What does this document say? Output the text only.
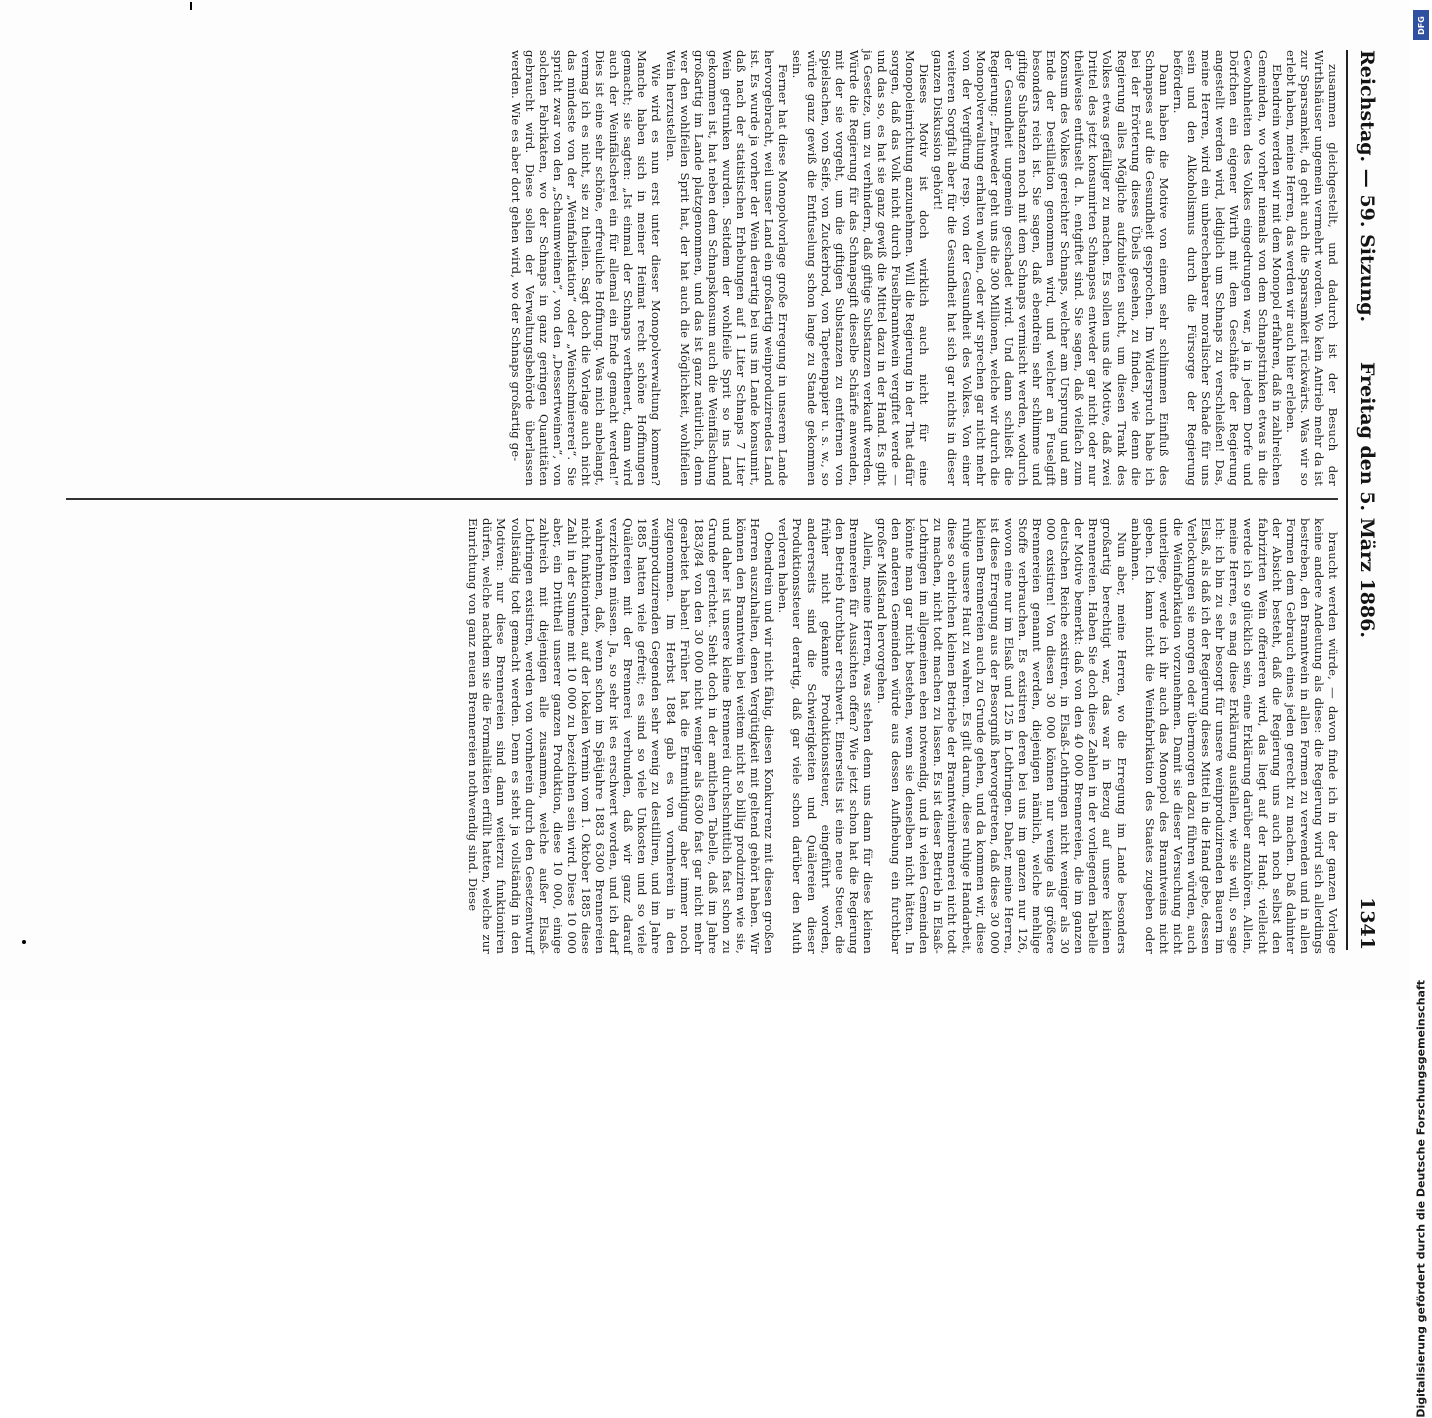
Reichstag. — 59. Sitzung.
Freitag den 5. März 1886.
1341

zusammen gleichgestellt, und dadurch ist der Besuch der Wirthshäuser ungemein vermehrt worden. Wo kein Antrieb mehr da ist zur Sparsamkeit, da geht auch die Sparsamkeit rückwärts. Was wir so erlebt haben, meine Herren, das werden wir auch hier erleben.

Ebendrein werden wir mit dem Monopol erfahren, daß in zahlreichen Gemeinden, wo vorher niemals von dem Schnapstrinken etwas in die Gewohnheiten des Volkes eingedrungen war, ja in jedem Dorfe und Dörfchen ein eigener Wirth mit dem Geschäfte der Regierung angestellt werden wird, lediglich um Schnaps zu verschleißen! Das, meine Herren, wird ein unberechenbarer moralischer Schade für uns sein und den Alkoholismus durch die Fürsorge der Regierung befördern.

Dann haben die Motive von einem sehr schlimmen Einfluß des Schnapses auf die Gesundheit gesprochen. Im Widerspruch habe ich bei der Erörterung dieses Übels gesehen, zu finden, wie denn die Regierung alles Mögliche aufzubieten sucht, um diesen Trank des Volkes etwas gefälliger zu machen. Es sollen uns die Motive, daß zwei Drittel des jetzt konsumirten Schnapses entweder gar nicht oder nur theilweise entfuselt d. h. entgiftet sind. Sie sagen, daß vielfach zum Konsum des Volkes gereichter Schnaps, welcher am Ursprung und am Ende der Destillation genommen wird, und welcher an Fuselgift besonders reich ist. Sie sagen, daß ebendrein sehr schlimme und giftige Substanzen noch mit dem Schnaps vermischt werden, wodurch der Gesundheit ungemein geschadet wird. Und dann schließt die Regierung: „Entweder geht uns die 300 Millionen, welche wir durch die Monopolverwaltung erhalten wollen, oder wir sprechen gar nicht mehr von der Vergiftung resp. von der Gesundheit des Volkes. Von einer weiteren Sorgfalt aber für die Gesundheit hat sich gar nichts in dieser ganzen Diskussion gehört!

Dieses Motiv ist doch wirklich auch nicht für eine Monopoleinrichtung anzunehmen. Will die Regierung in der That dafür sorgen, daß das Volk nicht durch Fuselbranntwein vergiftet werde — und das so, es hat sie ganz gewiß die Mittel dazu in der Hand. Es gibt ja Gesetze, um zu verhindern, daß giftige Substanzen verkauft werden. Würde die Regierung für das Schnapsgift dieselbe Schärfe anwenden, mit der sie vorgeht, um die giftigen Substanzen zu entfernen von Spielsachen, von Seife, von Zuckerbrod, von Tapetenpapier u. s. w., so würde ganz gewiß die Entfuselung schon lange zu Stande gekommen sein.

Ferner hat diese Monopolvorlage große Erregung in unserem Lande hervorgebracht, weil unser Land ein großartig weinproduzirendes Land ist. Es wurde ja vorher der Wein derartig bei uns im Lande konsumirt, daß nach der statistischen Erhebungen auf 1 Liter Schnaps 7 Liter Wein getrunken wurden. Seitdem der wohlfeile Sprit so ins Land gekommen ist, hat neben dem Schnapskonsum auch die Weinfälschung großartig im Lande platzgenommen, und das ist ganz natürlich, denn wer den wohlfeilen Sprit hat, der hat auch die Möglichkeit, wohlfeilen Wein herzustellen.

Wie wird es nun erst unter dieser Monopolverwaltung kommen? Manche haben sich in meiner Heimat recht schöne Hoffnungen gemacht; sie sagten: „Ist einmal der Schnaps verthenert, dann wird auch der Weinfälscherei ein für allemal ein Ende gemacht werden!“ Dies ist eine sehr schöne, erfreuliche Hoffnung. Was mich anbelangt, vermag ich es nicht, sie zu theilen. Sagt doch die Vorlage auch nicht das mindeste von der „Weinfabrikation“ oder „Weinschmiererei“. Sie spricht zwar von den „Schaumweinen“, von den „Dessertweinen“, von solchen Fabrikaten, wo der Schnaps in ganz geringen Quantitäten gebraucht wird. Diese sollen der Verwaltungsbehörde überlassen werden. Wie es aber dort gehen wird, wo der Schnaps großartig ge-

braucht werden würde, — davon finde ich in der ganzen Vorlage keine andere Andeutung als diese: die Regierung wird sich allerdings bestreben, den Branntwein in allen Formen zu verwenden und in allen Formen dem Gebrauch eines jeden gerecht zu machen. Daß dahinter der Absicht besteht, daß die Regierung uns auch noch selbst den fabrizirten Wein offerieren wird, das liegt auf der Hand; vielleicht werde ich so glücklich sein, eine Erklärung darüber anzuhören. Allein, meine Herren, es mag diese Erklärung ausfallen, wie sie will, so sage ich: ich bin zu sehr besorgt für unsere weinproduzirenden Bauern im Elsaß, als daß ich der Regierung dieses Mittel in die Hand gebe, dessen Verlockungen sie morgen oder übermorgen dazu führen würden, auch die Weinfabrikation vorzunehmen. Damit sie dieser Versuchung nicht unterliege, werde ich ihr auch das Monopol des Branntweins nicht geben. Ich kann nicht die Weinfabrikation des Staates zugeben oder anbahnen.

Nun aber, meine Herren, wo die Erregung im Lande besonders großartig berechtigt war, das war in Bezug auf unsere kleinen Brennereien. Haben Sie doch diese Zahlen in der vorliegenden Tabelle der Motive bemerkt: daß von den 40 000 Brennereien, die im ganzen deutschen Reiche existiren, in Elsaß-Lothringen nicht weniger als 30 000 existiren! Von diesen 30 000 können nur wenige als größere Brennereien genannt werden, diejenigen nämlich, welche mehlige Stoffe verbrauchen. Es existiren deren bei uns im ganzen nur 126, wovon eine nur im Elsaß und 125 in Lothringen. Daher, meine Herren, ist diese Erregung aus der Besorgniß hervorgetreten, daß diese 30 000 kleinen Brennereien auch zu Grunde gehen, und da kommen wir, diese ruhige unsere Haut zu wahren. Es gilt darum, diese ruhige Handarbeit, diese so ehrlichen kleinen Betriebe der Branntweinbrennerei nicht todt zu machen, nicht todt machen zu lassen. Es ist dieser Betrieb in Elsaß-Lothringen im allgemeinen eben notwendig, und in vielen Gemeinden könnte man gar nicht bestehen, wenn sie denselben nicht hätten. In den anderen Gemeinden würde aus dessen Aufhebung ein furchtbar großer Mißstand hervorgehen.

Allein, meine Herren, was stehen denn uns dann für diese kleinen Brennereien für Aussichten offen? Wie jetzt schon hat die Regierung den Betrieb furchtbar erschwert. Einerseits ist eine neue Steuer, die früher nicht gekannte Produktionssteuer, eingeführt worden, andererseits sind die Schwierigkeiten und Quälereien dieser Produktionssteuer derartig, daß gar viele schon darüber den Muth verloren haben.

Obendrein und wir nicht fähig, diesen Konkurrenz mit diesen großen Herren auszuhalten, denen Vergütigkeit mit geltend gehört haben. Wir können den Branntwein bei weitem nicht so billig produziren wie sie, und daher ist unsere kleine Brennerei durchschnittlich fast schon zu Grunde gerichtet. Sieht doch in der amtlichen Tabelle, daß im Jahre 1883/84 von den 30 000 nicht weniger als 6300 fast gar nicht mehr gearbeitet haben! Früher hat die Entmuthigung aber immer noch zugenommen. Im Herbst 1884 gab es von vornherein in den weinproduzirenden Gegenden sehr wenig zu destilliren, und im Jahre 1885 hatten viele gefreit; es sind so viele Unkosten und so viele Quälereien mit der Brennerei verbunden, daß wir ganz darauf verzichten müssen. Ja, so sehr ist es erschwert worden, und ich darf wahrnehmen, daß, wenn schon im Spätjahre 1883 6300 Brennereien nicht funktionirten, auf der lokalen Vermin vom 1. Oktober 1885 diese Zahl in der Summe mit 10 000 zu bezeichnen sein wird. Diese 10 000 aber, ein Drittheil unserer ganzen Produktion, diese 10 000, einige zahlreich mit diejenigen alle zusammen, welche außer Elsaß-Lothringen existiren, werden von vornherein durch den Gesetzentwurf vollständig todt gemacht werden. Denn es steht ja vollständig in den Motiven: nur diese Brennereien sind dann weiterzu funktioniren dürfen, welche nachdem sie die Formalitäten erfüllt hatten, welche zur Einrichtung von ganz neuen Brennereien nothwendig sind. Diese

DFG
Digitalisierung gefördert durch die Deutsche Forschungsgemeinschaft
